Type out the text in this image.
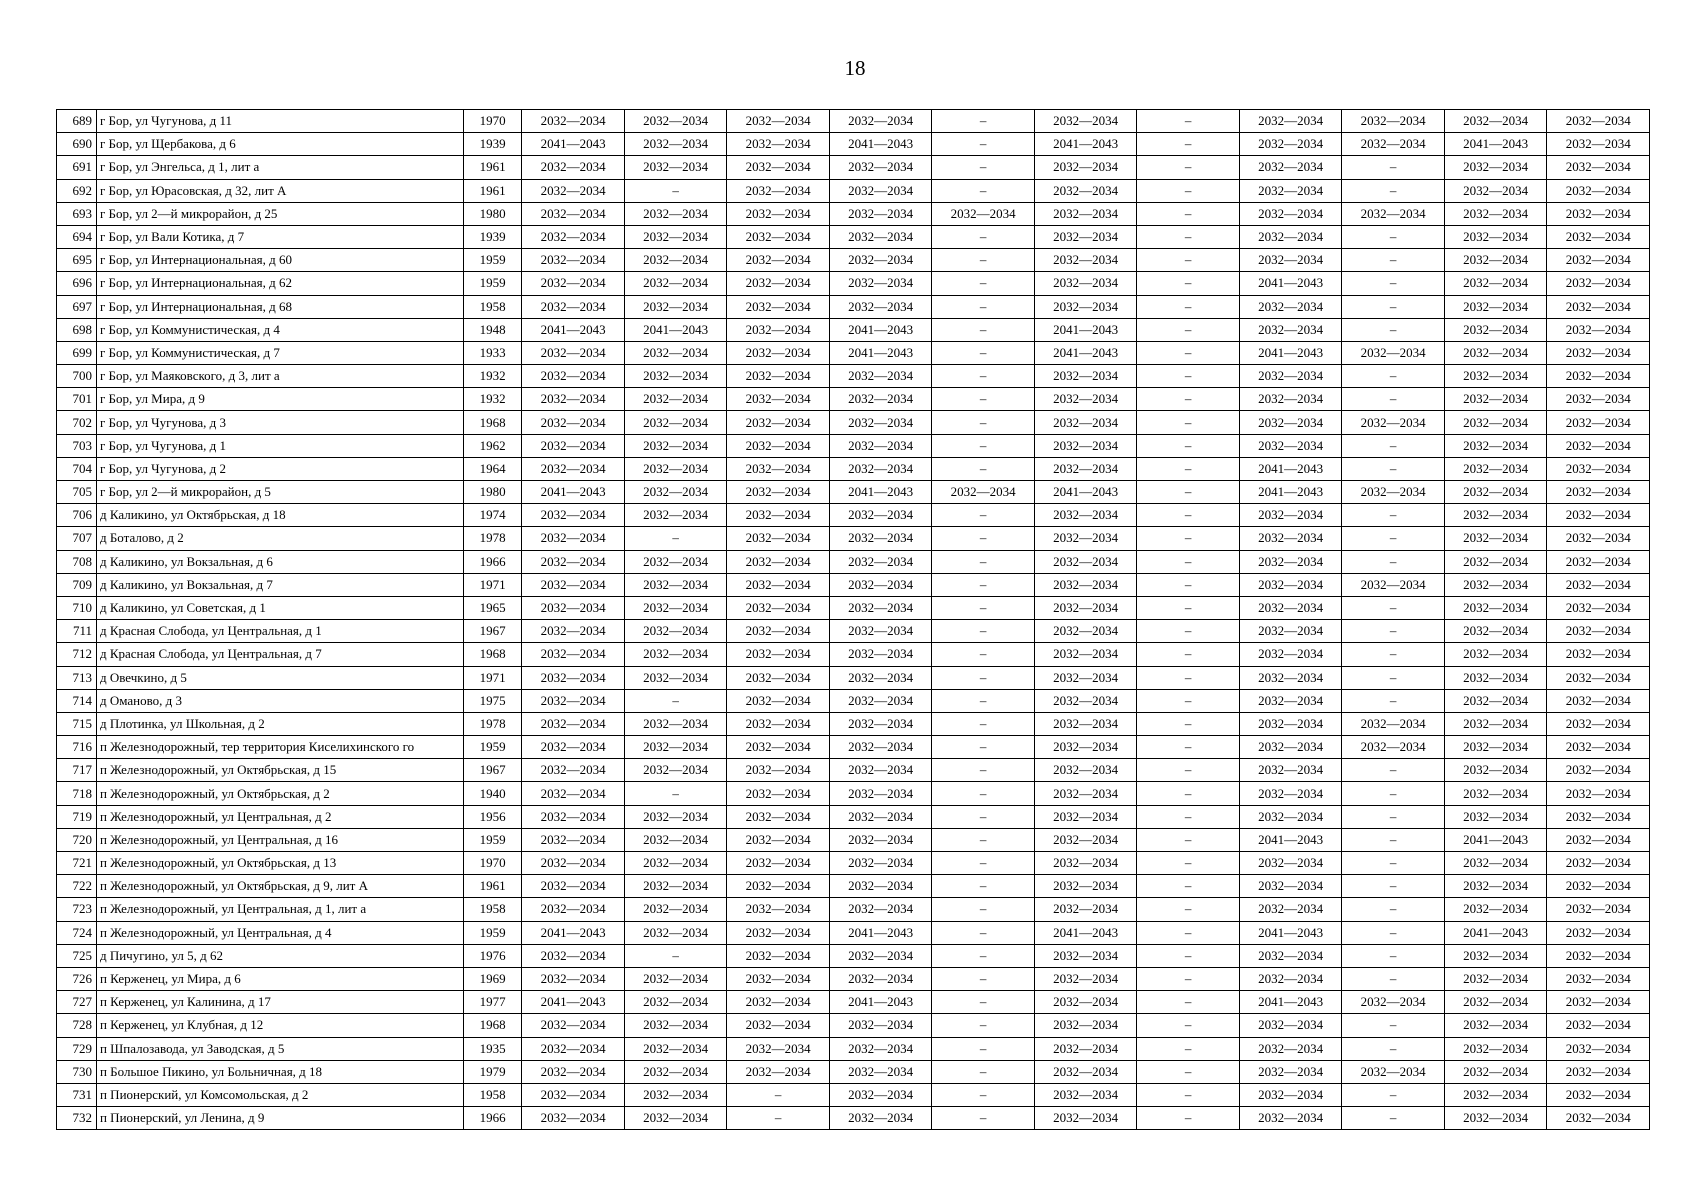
18
689	г Бор, ул Чугунова, д 11	1970	2032—2034	2032—2034	2032—2034	2032—2034	–	2032—2034	–	2032—2034	2032—2034	2032—2034	2032—2034
690	г Бор, ул Щербакова, д 6	1939	2041—2043	2032—2034	2032—2034	2041—2043	–	2041—2043	–	2032—2034	2032—2034	2041—2043	2032—2034
691	г Бор, ул Энгельса, д 1, лит а	1961	2032—2034	2032—2034	2032—2034	2032—2034	–	2032—2034	–	2032—2034	–	2032—2034	2032—2034
692	г Бор, ул Юрасовская, д 32, лит А	1961	2032—2034	–	2032—2034	2032—2034	–	2032—2034	–	2032—2034	–	2032—2034	2032—2034
693	г Бор, ул 2—й микрорайон, д 25	1980	2032—2034	2032—2034	2032—2034	2032—2034	2032—2034	2032—2034	–	2032—2034	2032—2034	2032—2034	2032—2034
694	г Бор, ул Вали Котика, д 7	1939	2032—2034	2032—2034	2032—2034	2032—2034	–	2032—2034	–	2032—2034	–	2032—2034	2032—2034
695	г Бор, ул Интернациональная, д 60	1959	2032—2034	2032—2034	2032—2034	2032—2034	–	2032—2034	–	2032—2034	–	2032—2034	2032—2034
696	г Бор, ул Интернациональная, д 62	1959	2032—2034	2032—2034	2032—2034	2032—2034	–	2032—2034	–	2041—2043	–	2032—2034	2032—2034
697	г Бор, ул Интернациональная, д 68	1958	2032—2034	2032—2034	2032—2034	2032—2034	–	2032—2034	–	2032—2034	–	2032—2034	2032—2034
698	г Бор, ул Коммунистическая, д 4	1948	2041—2043	2041—2043	2032—2034	2041—2043	–	2041—2043	–	2032—2034	–	2032—2034	2032—2034
699	г Бор, ул Коммунистическая, д 7	1933	2032—2034	2032—2034	2032—2034	2041—2043	–	2041—2043	–	2041—2043	2032—2034	2032—2034	2032—2034
700	г Бор, ул Маяковского, д 3, лит а	1932	2032—2034	2032—2034	2032—2034	2032—2034	–	2032—2034	–	2032—2034	–	2032—2034	2032—2034
701	г Бор, ул Мира, д 9	1932	2032—2034	2032—2034	2032—2034	2032—2034	–	2032—2034	–	2032—2034	–	2032—2034	2032—2034
702	г Бор, ул Чугунова, д 3	1968	2032—2034	2032—2034	2032—2034	2032—2034	–	2032—2034	–	2032—2034	2032—2034	2032—2034	2032—2034
703	г Бор, ул Чугунова, д 1	1962	2032—2034	2032—2034	2032—2034	2032—2034	–	2032—2034	–	2032—2034	–	2032—2034	2032—2034
704	г Бор, ул Чугунова, д 2	1964	2032—2034	2032—2034	2032—2034	2032—2034	–	2032—2034	–	2041—2043	–	2032—2034	2032—2034
705	г Бор, ул 2—й микрорайон, д 5	1980	2041—2043	2032—2034	2032—2034	2041—2043	2032—2034	2041—2043	–	2041—2043	2032—2034	2032—2034	2032—2034
706	д Каликино, ул Октябрьская, д 18	1974	2032—2034	2032—2034	2032—2034	2032—2034	–	2032—2034	–	2032—2034	–	2032—2034	2032—2034
707	д Боталово, д 2	1978	2032—2034	–	2032—2034	2032—2034	–	2032—2034	–	2032—2034	–	2032—2034	2032—2034
708	д Каликино, ул Вокзальная, д 6	1966	2032—2034	2032—2034	2032—2034	2032—2034	–	2032—2034	–	2032—2034	–	2032—2034	2032—2034
709	д Каликино, ул Вокзальная, д 7	1971	2032—2034	2032—2034	2032—2034	2032—2034	–	2032—2034	–	2032—2034	2032—2034	2032—2034	2032—2034
710	д Каликино, ул Советская, д 1	1965	2032—2034	2032—2034	2032—2034	2032—2034	–	2032—2034	–	2032—2034	–	2032—2034	2032—2034
711	д Красная Слобода, ул Центральная, д 1	1967	2032—2034	2032—2034	2032—2034	2032—2034	–	2032—2034	–	2032—2034	–	2032—2034	2032—2034
712	д Красная Слобода, ул Центральная, д 7	1968	2032—2034	2032—2034	2032—2034	2032—2034	–	2032—2034	–	2032—2034	–	2032—2034	2032—2034
713	д Овечкино, д 5	1971	2032—2034	2032—2034	2032—2034	2032—2034	–	2032—2034	–	2032—2034	–	2032—2034	2032—2034
714	д Оманово, д 3	1975	2032—2034	–	2032—2034	2032—2034	–	2032—2034	–	2032—2034	–	2032—2034	2032—2034
715	д Плотинка, ул Школьная, д 2	1978	2032—2034	2032—2034	2032—2034	2032—2034	–	2032—2034	–	2032—2034	2032—2034	2032—2034	2032—2034
716	п Железнодорожный, тер территория Киселихинского го	1959	2032—2034	2032—2034	2032—2034	2032—2034	–	2032—2034	–	2032—2034	2032—2034	2032—2034	2032—2034
717	п Железнодорожный, ул Октябрьская, д 15	1967	2032—2034	2032—2034	2032—2034	2032—2034	–	2032—2034	–	2032—2034	–	2032—2034	2032—2034
718	п Железнодорожный, ул Октябрьская, д 2	1940	2032—2034	–	2032—2034	2032—2034	–	2032—2034	–	2032—2034	–	2032—2034	2032—2034
719	п Железнодорожный, ул Центральная, д 2	1956	2032—2034	2032—2034	2032—2034	2032—2034	–	2032—2034	–	2032—2034	–	2032—2034	2032—2034
720	п Железнодорожный, ул Центральная, д 16	1959	2032—2034	2032—2034	2032—2034	2032—2034	–	2032—2034	–	2041—2043	–	2041—2043	2032—2034
721	п Железнодорожный, ул Октябрьская, д 13	1970	2032—2034	2032—2034	2032—2034	2032—2034	–	2032—2034	–	2032—2034	–	2032—2034	2032—2034
722	п Железнодорожный, ул Октябрьская, д 9, лит А	1961	2032—2034	2032—2034	2032—2034	2032—2034	–	2032—2034	–	2032—2034	–	2032—2034	2032—2034
723	п Железнодорожный, ул Центральная, д 1, лит а	1958	2032—2034	2032—2034	2032—2034	2032—2034	–	2032—2034	–	2032—2034	–	2032—2034	2032—2034
724	п Железнодорожный, ул Центральная, д 4	1959	2041—2043	2032—2034	2032—2034	2041—2043	–	2041—2043	–	2041—2043	–	2041—2043	2032—2034
725	д Пичугино, ул 5, д 62	1976	2032—2034	–	2032—2034	2032—2034	–	2032—2034	–	2032—2034	–	2032—2034	2032—2034
726	п Керженец, ул Мира, д 6	1969	2032—2034	2032—2034	2032—2034	2032—2034	–	2032—2034	–	2032—2034	–	2032—2034	2032—2034
727	п Керженец, ул Калинина, д 17	1977	2041—2043	2032—2034	2032—2034	2041—2043	–	2032—2034	–	2041—2043	2032—2034	2032—2034	2032—2034
728	п Керженец, ул Клубная, д 12	1968	2032—2034	2032—2034	2032—2034	2032—2034	–	2032—2034	–	2032—2034	–	2032—2034	2032—2034
729	п Шпалозавода, ул Заводская, д 5	1935	2032—2034	2032—2034	2032—2034	2032—2034	–	2032—2034	–	2032—2034	–	2032—2034	2032—2034
730	п Большое Пикино, ул Больничная, д 18	1979	2032—2034	2032—2034	2032—2034	2032—2034	–	2032—2034	–	2032—2034	2032—2034	2032—2034	2032—2034
731	п Пионерский, ул Комсомольская, д 2	1958	2032—2034	2032—2034	–	2032—2034	–	2032—2034	–	2032—2034	–	2032—2034	2032—2034
732	п Пионерский, ул Ленина, д 9	1966	2032—2034	2032—2034	–	2032—2034	–	2032—2034	–	2032—2034	–	2032—2034	2032—2034
